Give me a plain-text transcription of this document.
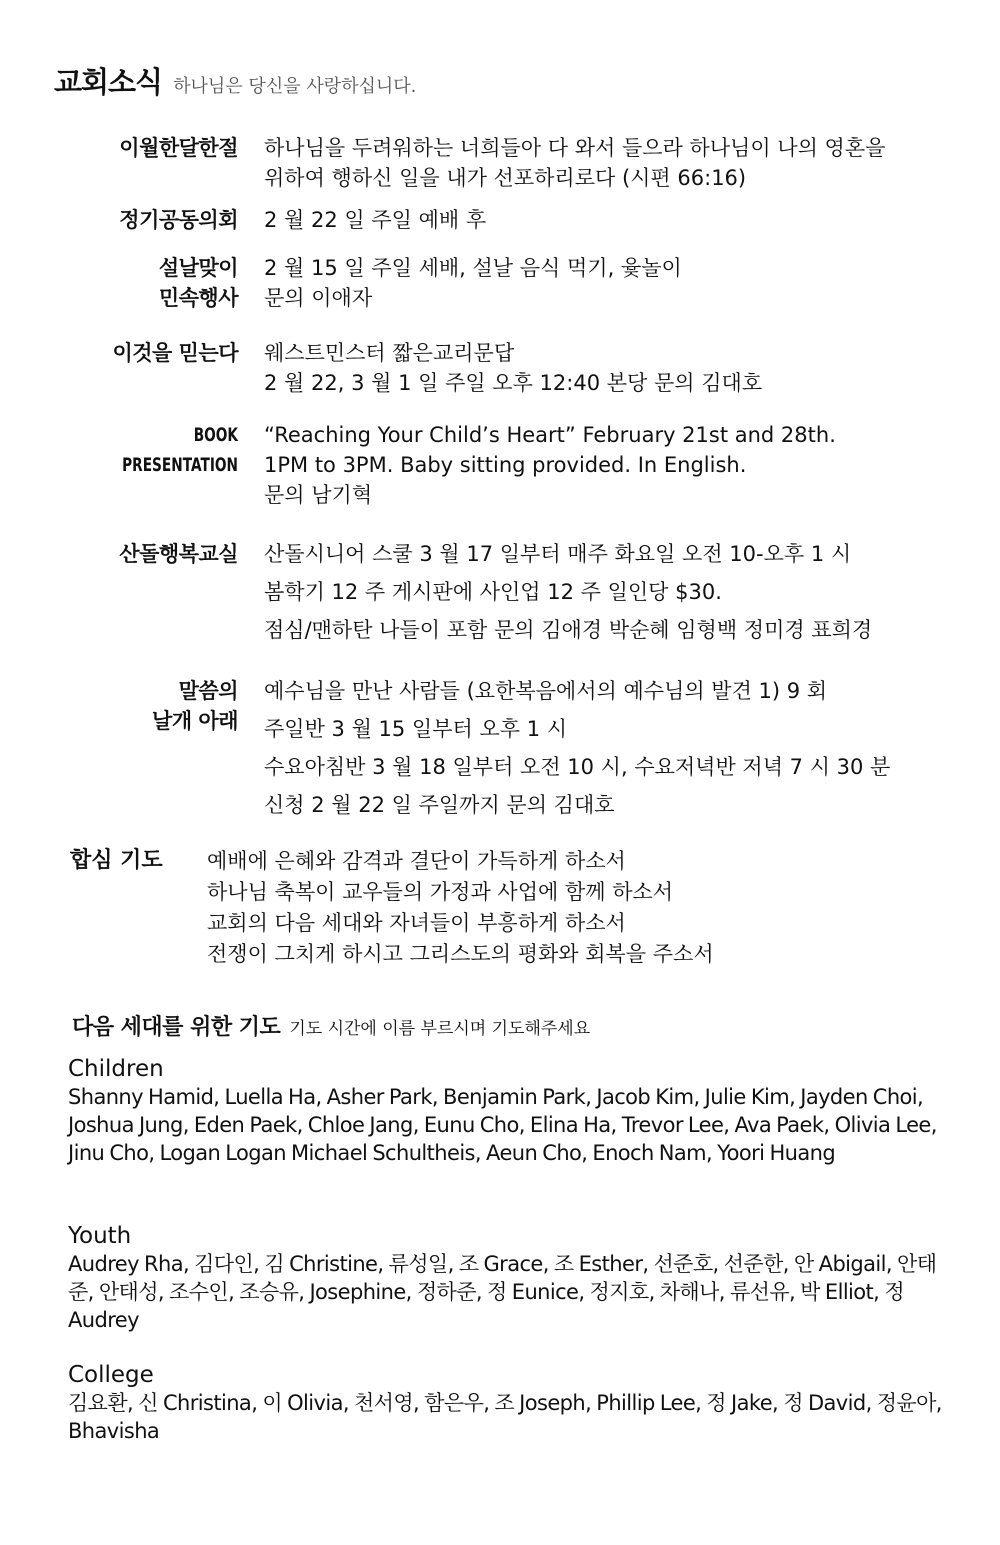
교회소식 하나님은 당신을 사랑하십니다.
이월한달한절 하나님을 두려워하는 너희들아 다 와서 들으라 하나님이 나의 영혼을
위하여 행하신 일을 내가 선포하리로다 (시편 66:16)
정기공동의회 2 월 22 일 주일 예배 후
설날맞이
민속행사
2 월 15 일 주일 세배, 설날 음식 먹기, 윷놀이
문의 이애자
이것을 믿는다 웨스트민스터 짧은교리문답
2 월 22, 3 월 1 일 주일 오후 12:40 본당 문의 김대호
BOOK
PRESENTATION
“Reaching Your Child’s Heart” February 21st and 28th.
1PM to 3PM. Baby sitting provided. In English.
문의 남기혁
산돌행복교실 산돌시니어 스쿨 3 월 17 일부터 매주 화요일 오전 10-오후 1 시
봄학기 12 주 게시판에 사인업 12 주 일인당 $30.
점심/맨하탄 나들이 포함 문의 김애경 박순혜 임형백 정미경 표희경
말씀의
날개 아래
예수님을 만난 사람들 (요한복음에서의 예수님의 발견 1) 9 회
주일반 3 월 15 일부터 오후 1 시
수요아침반 3 월 18 일부터 오전 10 시, 수요저녁반 저녁 7 시 30 분
신청 2 월 22 일 주일까지 문의 김대호
합심 기도 예배에 은혜와 감격과 결단이 가득하게 하소서
하나님 축복이 교우들의 가정과 사업에 함께 하소서
교회의 다음 세대와 자녀들이 부흥하게 하소서
전쟁이 그치게 하시고 그리스도의 평화와 회복을 주소서
다음 세대를 위한 기도 기도 시간에 이름 부르시며 기도해주세요
Children
Shanny Hamid, Luella Ha, Asher Park, Benjamin Park, Jacob Kim, Julie Kim, Jayden Choi, Joshua Jung, Eden Paek, Chloe Jang, Eunu Cho, Elina Ha, Trevor Lee, Ava Paek, Olivia Lee, Jinu Cho, Logan Logan Michael Schultheis, Aeun Cho, Enoch Nam, Yoori Huang
Youth
Audrey Rha, 김다인, 김 Christine, 류성일, 조 Grace, 조 Esther, 선준호, 선준한, 안 Abigail, 안태준, 안태성, 조수인, 조승유, Josephine, 정하준, 정 Eunice, 정지호, 차해나, 류선유, 박 Elliot, 정 Audrey
College
김요환, 신 Christina, 이 Olivia, 천서영, 함은우, 조 Joseph, Phillip Lee, 정 Jake, 정 David, 정윤아, Bhavisha
